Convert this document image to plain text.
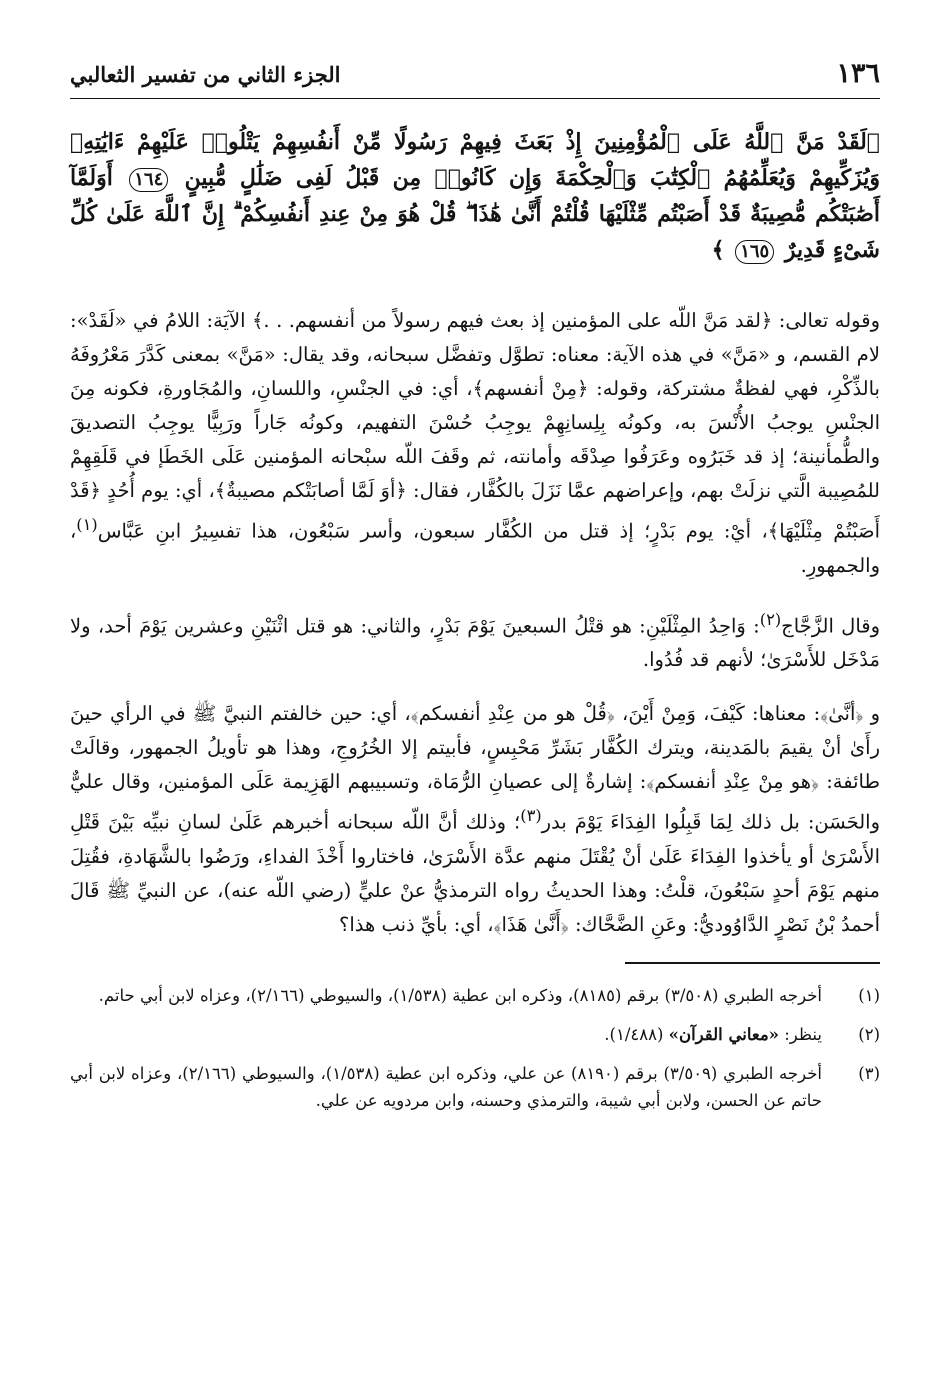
١٣٦
الجزء الثاني من تفسير الثعالبي
﴿لَقَدْ مَنَّ ٱللَّهُ عَلَى ٱلْمُؤْمِنِينَ إِذْ بَعَثَ فِيهِمْ رَسُولًا مِّنْ أَنفُسِهِمْ يَتْلُوا۟ عَلَيْهِمْ ءَايَٰتِهِۦ وَيُزَكِّيهِمْ وَيُعَلِّمُهُمُ ٱلْكِتَٰبَ وَٱلْحِكْمَةَ وَإِن كَانُوا۟ مِن قَبْلُ لَفِى ضَلَٰلٍ مُّبِينٍ ١٦٤ أَوَلَمَّآ أَصَٰبَتْكُم مُّصِيبَةٌ قَدْ أَصَبْتُم مِّثْلَيْهَا قُلْتُمْ أَنَّىٰ هَٰذَا ۖ قُلْ هُوَ مِنْ عِندِ أَنفُسِكُمْ ۗ إِنَّ ٱللَّهَ عَلَىٰ كُلِّ شَىْءٍ قَدِيرٌ ١٦٥ ﴾

وقوله تعالى: ﴿لقد مَنَّ اللّه على المؤمنين إذ بعث فيهم رسولاً من أنفسهم. . .﴾ الآيَة: اللامُ في «لَقَدْ»: لام القسم، و «مَنَّ» في هذه الآية: معناه: تطوَّل وتفضَّل سبحانه، وقد يقال: «مَنَّ» بمعنى كَدَّرَ مَعْرُوفَهُ بالذِّكْرِ، فهي لفظةٌ مشتركة، وقوله: ﴿مِنْ أنفسهم﴾، أي: في الجنْسِ، واللسانِ، والمُجَاورةِ، فكونه مِنَ الجنْسِ يوجبُ الأُنْسَ به، وكونُه بِلِسانِهِمْ يوجِبُ حُسْنَ التفهيم، وكونُه جَاراً ورَبِيًّا يوجِبُ التصديقَ والطُّمأنينة؛ إذ قد خَبَرُوه وعَرَفُوا صِدْقَه وأمانته، ثم وقَفَ اللّه سبْحانه المؤمنين عَلَى الخَطَإ في قَلَقِهِمْ للمُصِيبة الَّتي نزلَتْ بهم، وإعراضهم عمَّا نَزَلَ بالكُفَّار، فقال: ﴿أوَ لَمَّا أصابَتْكم مصيبةٌ﴾، أي: يوم أُحُدٍ ﴿قَدْ أَصَبْتُمْ مِثْلَيْهَا﴾، أيْ: يوم بَدْرٍ؛ إذ قتل من الكُفَّار سبعون، وأسر سَبْعُون، هذا تفسِيرُ ابنِ عَبَّاس$^{(١)}$، والجمهورِ.

وقال الزَّجَّاج$^{(٢)}$: وَاحِدُ المِثْلَيْنِ: هو قتْلُ السبعينَ يَوْمَ بَدْرٍ، والثاني: هو قتل اثْنَيْنِ وعشرين يَوْمَ أحد، ولا مَدْخَل للأَسْرَىٰ؛ لأنهم قد فُدُوا.

و ﴿أنَّىٰ﴾: معناها: كَيْفَ، وَمِنْ أَيْنَ، ﴿قُلْ هو من عِنْدِ أنفسكم﴾، أي: حين خالفتم النبيَّ ﷺ في الرأي حينَ رأَىٰ أنْ يقيمَ بالمَدينة، ويترك الكُفَّار بَشَرِّ مَحْبِسٍ، فأبيتم إلا الخُرُوجِ، وهذا هو تأويلُ الجمهور، وقالَتْ طائفة: ﴿هو مِنْ عِنْدِ أنفسكم﴾: إشارةٌ إلى عصيانِ الرُّمَاة، وتسبيبهم الهَزِيمة عَلَى المؤمنين، وقال عليٌّ والحَسَن: بل ذلك لِمَا قَبِلُوا الفِدَاءَ يَوْمَ بدر$^{(٣)}$؛ وذلك أنَّ اللّه سبحانه أخبرهم عَلَىٰ لسانِ نبيِّه بَيْنَ قَتْلِ الأَسْرَىٰ أو يأخذوا الفِدَاءَ عَلَىٰ أنْ يُقْتَلَ منهم عدَّة الأَسْرَىٰ، فاختاروا أَخْذَ الفداءِ، ورَضُوا بالشَّهَادةِ، فقُتِلَ منهم يَوْمَ أحدٍ سَبْعُونَ، قلْتُ: وهذا الحديثُ رواه الترمذيُّ عنْ عليٍّ (رضي اللّه عنه)، عن النبيِّ ﷺ قَالَ أحمدُ بْنُ نَصْرٍ الدَّاوُوديُّ: وعَنِ الضَّحَّاك: ﴿أَنَّىٰ هَذَا﴾، أي: بأيِّ ذنب هذا؟

(١)
أخرجه الطبري (٣/٥٠٨) برقم (٨١٨٥)، وذكره ابن عطية (١/٥٣٨)، والسيوطي (٢/١٦٦)، وعزاه لابن أبي حاتم.
(٢)
ينظر: «معاني القرآن» (١/٤٨٨).
(٣)
أخرجه الطبري (٣/٥٠٩) برقم (٨١٩٠) عن علي، وذكره ابن عطية (١/٥٣٨)، والسيوطي (٢/١٦٦)، وعزاه لابن أبي حاتم عن الحسن، ولابن أبي شيبة، والترمذي وحسنه، وابن مردويه عن علي.
